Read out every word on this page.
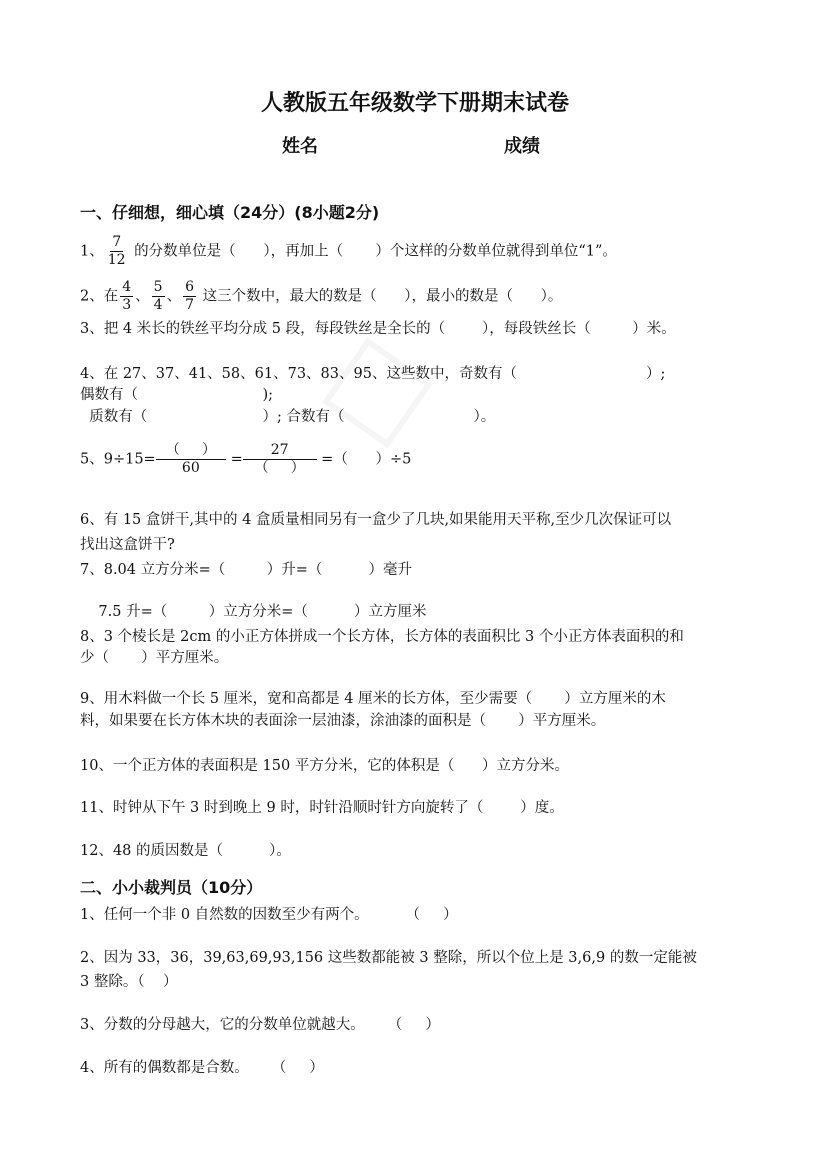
人教版五年级数学下册期末试卷
姓名	成绩
一、仔细想，细心填（24分）(8小题2分)
1、 $\frac{7}{12}$ 的分数单位是（      ），再加上（       ）个这样的分数单位就得到单位“1”。
2、在 $\frac{4}{3}$ 、 $\frac{5}{4}$ 、 $\frac{6}{7}$ 这三个数中，最大的数是（      ），最小的数是（      ）。
3、把 4 米长的铁丝平均分成 5 段，每段铁丝是全长的（        ），每段铁丝长（         ）米。
4、在 27、37、41、58、61、73、83、95、这些数中，奇数有（                            ）;
偶数有（                           );
质数有（                         ）; 合数有（                            ）。
5、$9\div 15= \frac{( )}{60} = \frac{27}{( )}$ =（      ）÷5
6、有 15 盒饼干,其中的 4 盒质量相同另有一盒少了几块,如果能用天平称,至少几次保证可以
找出这盒饼干?
7、8.04 立方分米=（         ）升=（          ）毫升
7.5 升=（         ）立方分米=（          ）立方厘米
8、3 个棱长是 2cm 的小正方体拼成一个长方体，长方体的表面积比 3 个小正方体表面积的和
少（       ）平方厘米。
9、用木料做一个长 5 厘米，宽和高都是 4 厘米的长方体，至少需要（       ）立方厘米的木
料，如果要在长方体木块的表面涂一层油漆，涂油漆的面积是（       ）平方厘米。
10、一个正方体的表面积是 150 平方分米，它的体积是（      ）立方分米。
11、时钟从下午 3 时到晚上 9 时，时针沿顺时针方向旋转了（        ）度。
12、48 的质因数是（          ）。
二、小小裁判员（10分）
1、任何一个非 0 自然数的因数至少有两个。        （     ）
2、因为 33，36，39,63,69,93,156 这些数都能被 3 整除，所以个位上是 3,6,9 的数一定能被
3 整除。（    ）
3、分数的分母越大，它的分数单位就越大。     （     ）
4、所有的偶数都是合数。     （     ）
